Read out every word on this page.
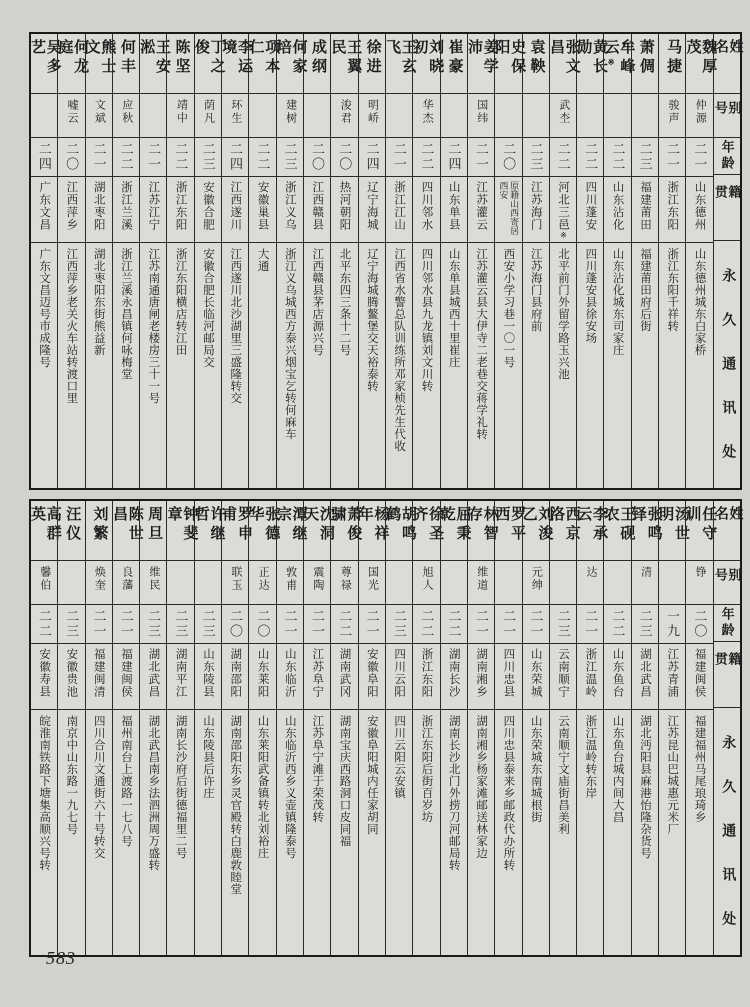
姓名
别号
年龄
籍贯
永久通讯处
魏厚茂
仲源
二一
山东德州
山东德州城东白家桥
马捷
骏声
二一
浙江东阳
浙江东阳千祥转
萧倜
二三
福建莆田
福建莆田府后街
牟峰云※
二二
山东沾化
山东沾化城东司家庄
黄长勋
二二
四川蓬安
四川蓬安县徐安场
张文昌
武杢
二二
河北三邑※
北平前门外留学路玉兴池
袁鞅
二三
江苏海门
江苏海门县府前
史保阳
二〇
原籍山西寄居西安
西安小学习巷一〇一号
姜学沛
国纬
二一
江苏灌云
江苏灌云县大伊寺二老巷交蒋学礼转
崔豪
二四
山东单县
山东单县城西十里崔庄
刘晓初
华杰
二二
四川邻水
四川邻水县九龙镇刘文川转
王玄飞
二一
浙江江山
江西省水警总队训练所邓家桢先生代收
徐进
明峤
二四
辽宁海城
辽宁海城腾鳌堡交天裕泰转
王翼民
浚君
二〇
热河朝阳
北平东四三条十二号
成纲
二〇
江西赣县
江西赣县茅店源兴号
何家培
建树
二三
浙江义乌
浙江义乌城西方泰兴烟宝乞转何麻车
项本仁
二二
安徽巢县
大通
李运境
环生
二四
江西遂川
江西遂川北沙湖里三盛隆转交
丁之俊
荫凡
二三
安徽合肥
安徽合肥长临河邮局交
陈坚
靖中
二二
浙江东阳
浙江东阳横店转江田
王安淞
二一
江苏江宁
江苏南通唐闸老楼房三十一号
何丰
应秋
二二
浙江兰溪
浙江兰溪永昌镇何咏梅堂
熊士文
文斌
二一
湖北枣阳
湖北枣阳东街熊益新
何龙庭
嘘云
二〇
江西萍乡
江西萍乡老关火车站转渡口里
吴多艺
二四
广东文昌
广东文昌迈号市成隆号
姓名
别号
年龄
籍贯
永久通讯处
任守训
铮
二〇
福建闽侯
福建福州马尾琅琦乡
汤世明
一九
江苏青浦
江苏昆山巴城惠元米厂
张鸣铎
清
二三
湖北武昌
湖北沔阳县麻港怡隆杂货号
王砚农
二二
山东鱼台
山东鱼台城内间大昌
李承云
达
二一
浙江温岭
浙江温岭转东岸
西京洛
二三
云南顺宁
云南顺宁文庙街昌美利
刘浚乙
元绅
二一
山东荣城
山东荣城东南城根街
罗平西
二一
四川忠县
四川忠县泰来乡邮政代办所转
林智存
维道
二一
湖南湘乡
湖南湘乡杨家滩邮送林家边
屈秉乾
二二
湖南长沙
湖南长沙北门外捞刀河邮局转
徐圣齐
旭人
二二
浙江东阳
浙江东阳后街百岁坊
胡鸣鹤
二三
四川云阳
四川云阳云安镇
杨祥年
国光
二一
安徽阜阳
安徽阜阳城内任家胡同
萧俊骕
尊禄
二二
湖南武冈
湖南宝庆西路洞口皮同福
沈洞天
震陶
二一
江苏阜宁
江苏阜宁滩于荣茂转
潭继宗
敦甫
二一
山东临沂
山东临沂西乡义壶镇隆泰号
张德华
正达
二〇
山东莱阳
山东莱阳武备镇转北刘裕庄
罗申甫
联玉
二〇
湖南邵阳
湖南邵阳东乡灵官殿转白鹿敦睦堂
许继哲
二三
山东陵县
山东陵县后许庄
钟斐章
二三
湖南平江
湖南长沙府后街德福里二号
周旦
维民
二三
湖北武昌
湖北武昌南乡法泗洲周万盛转
陈世昌
良藩
二一
福建闽侯
福州南台上渡路一七八号
刘繁
焕奎
二一
福建闽清
四川合川文通街六十号转交
汪仪
二三
安徽贵池
南京中山东路一九七号
高群英
馨伯
二二
安徽寿县
皖淮南铁路下塘集高顺兴号转
583
